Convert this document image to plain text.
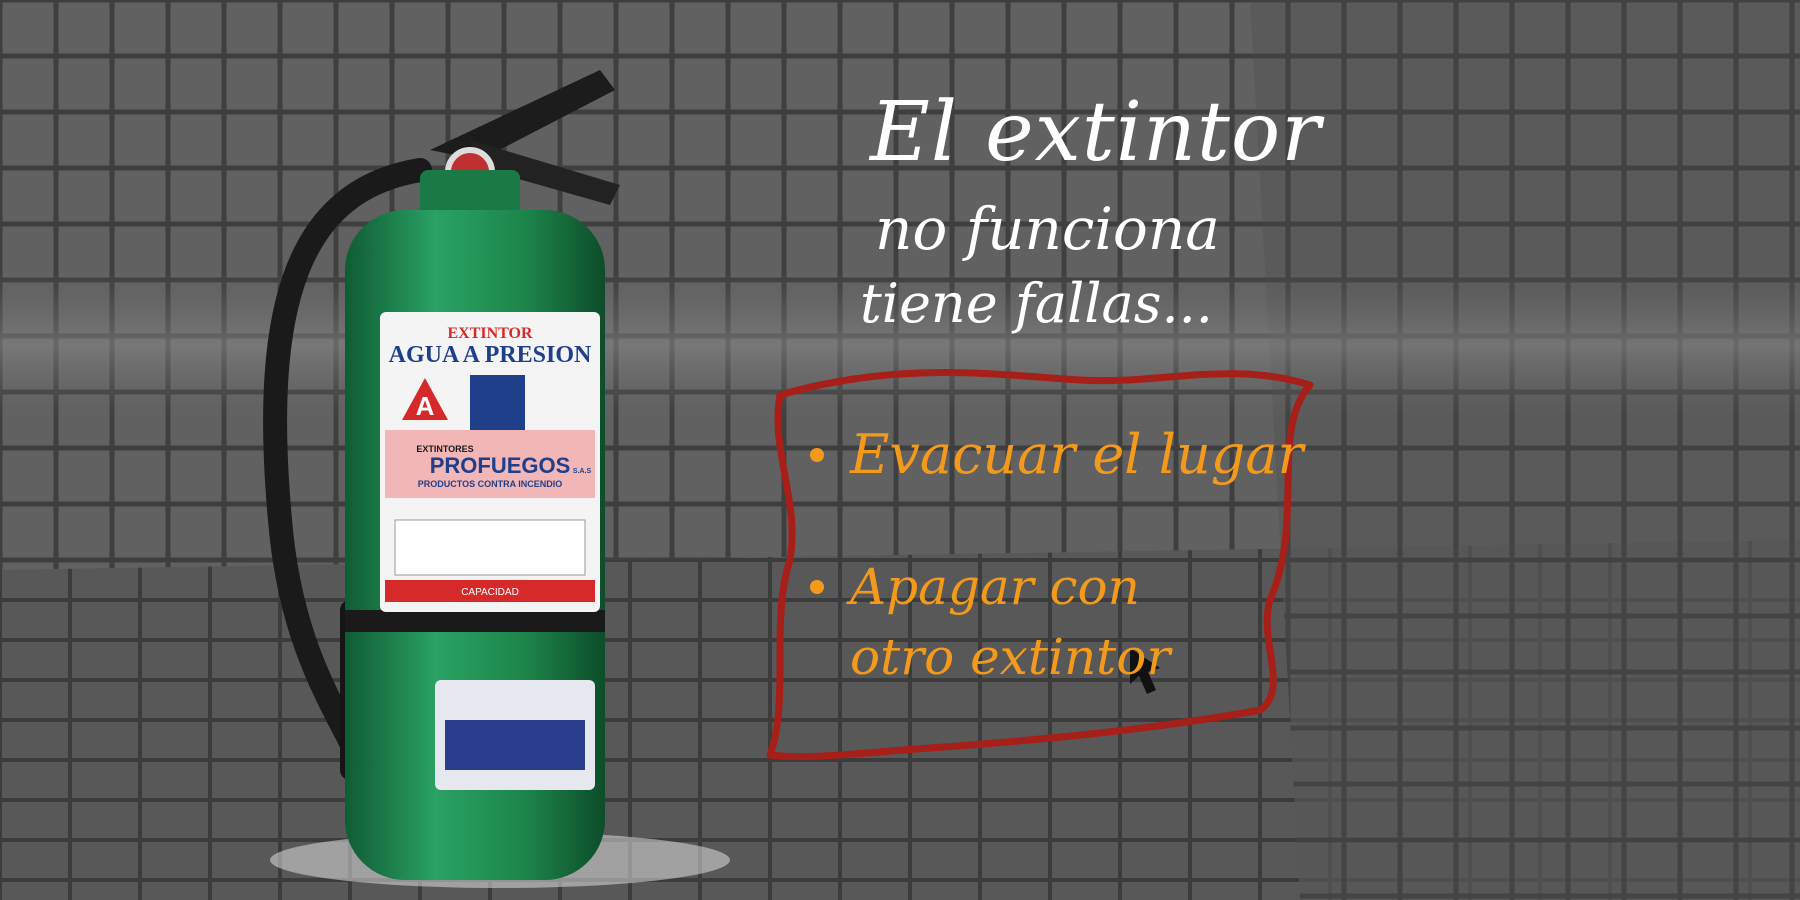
EXTINTOR
AGUA A PRESION
A
EXTINTORES
PROFUEGOS S.A.S
PRODUCTOS CONTRA INCENDIO
CAPACIDAD
El extintor
no funciona
tiene fallas...
Evacuar el lugar
Apagar con otro extintor
